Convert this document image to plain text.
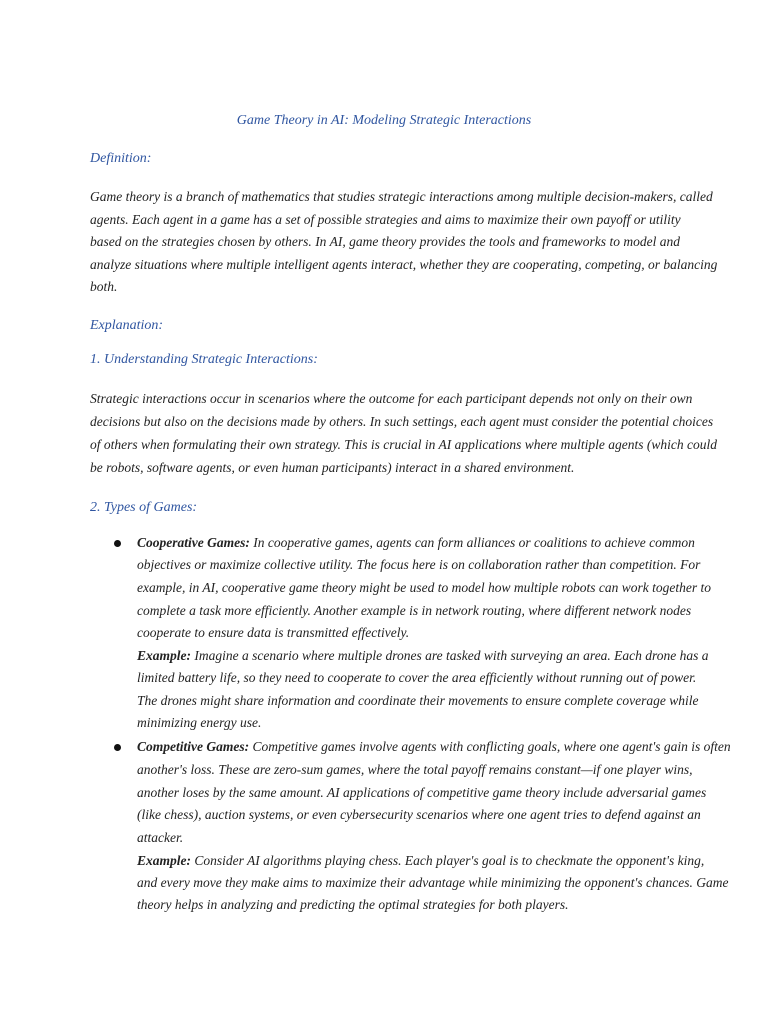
Game Theory in AI: Modeling Strategic Interactions
Definition:
Game theory is a branch of mathematics that studies strategic interactions among multiple decision-makers, called
agents. Each agent in a game has a set of possible strategies and aims to maximize their own payoff or utility
based on the strategies chosen by others. In AI, game theory provides the tools and frameworks to model and
analyze situations where multiple intelligent agents interact, whether they are cooperating, competing, or balancing
both.
Explanation:
1. Understanding Strategic Interactions:
Strategic interactions occur in scenarios where the outcome for each participant depends not only on their own
decisions but also on the decisions made by others. In such settings, each agent must consider the potential choices
of others when formulating their own strategy. This is crucial in AI applications where multiple agents (which could
be robots, software agents, or even human participants) interact in a shared environment.
2. Types of Games:
Cooperative Games: In cooperative games, agents can form alliances or coalitions to achieve common
objectives or maximize collective utility. The focus here is on collaboration rather than competition. For
example, in AI, cooperative game theory might be used to model how multiple robots can work together to
complete a task more efficiently. Another example is in network routing, where different network nodes
cooperate to ensure data is transmitted effectively.
Example: Imagine a scenario where multiple drones are tasked with surveying an area. Each drone has a
limited battery life, so they need to cooperate to cover the area efficiently without running out of power.
The drones might share information and coordinate their movements to ensure complete coverage while
minimizing energy use.
Competitive Games: Competitive games involve agents with conflicting goals, where one agent's gain is often
another's loss. These are zero-sum games, where the total payoff remains constant—if one player wins,
another loses by the same amount. AI applications of competitive game theory include adversarial games
(like chess), auction systems, or even cybersecurity scenarios where one agent tries to defend against an
attacker.
Example: Consider AI algorithms playing chess. Each player's goal is to checkmate the opponent's king,
and every move they make aims to maximize their advantage while minimizing the opponent's chances. Game
theory helps in analyzing and predicting the optimal strategies for both players.
